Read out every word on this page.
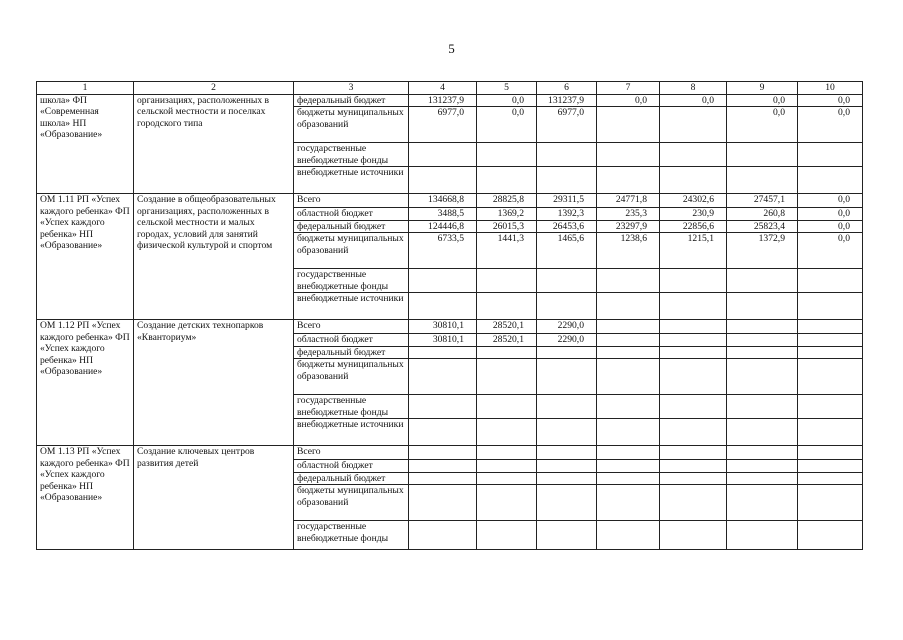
5
1	2	3	4	5	6	7	8	9	10
школа» ФП «Современная школа» НП «Образование»	организациях, расположенных в сельской местности и поселках городского типа	федеральный бюджет	131237,9	0,0	131237,9	0,0	0,0	0,0	0,0
		бюджеты муниципальных образований	6977,0	0,0	6977,0			0,0	0,0
		государственные внебюджетные фонды							
		внебюджетные источники							
ОМ 1.11 РП «Успех каждого ребенка» ФП «Успех каждого ребенка» НП «Образование»	Создание в общеобразовательных организациях, расположенных в сельской местности и малых городах, условий для занятий физической культурой и спортом	Всего	134668,8	28825,8	29311,5	24771,8	24302,6	27457,1	0,0
		областной бюджет	3488,5	1369,2	1392,3	235,3	230,9	260,8	0,0
		федеральный бюджет	124446,8	26015,3	26453,6	23297,9	22856,6	25823,4	0,0
		бюджеты муниципальных образований	6733,5	1441,3	1465,6	1238,6	1215,1	1372,9	0,0
		государственные внебюджетные фонды							
		внебюджетные источники							
ОМ 1.12 РП «Успех каждого ребенка» ФП «Успех каждого ребенка» НП «Образование»	Создание детских технопарков «Кванториум»	Всего	30810,1	28520,1	2290,0				
		областной бюджет	30810,1	28520,1	2290,0				
		федеральный бюджет							
		бюджеты муниципальных образований							
		государственные внебюджетные фонды							
		внебюджетные источники							
ОМ 1.13 РП «Успех каждого ребенка» ФП «Успех каждого ребенка» НП «Образование»	Создание ключевых центров развития детей	Всего							
		областной бюджет							
		федеральный бюджет							
		бюджеты муниципальных образований							
		государственные внебюджетные фонды							
